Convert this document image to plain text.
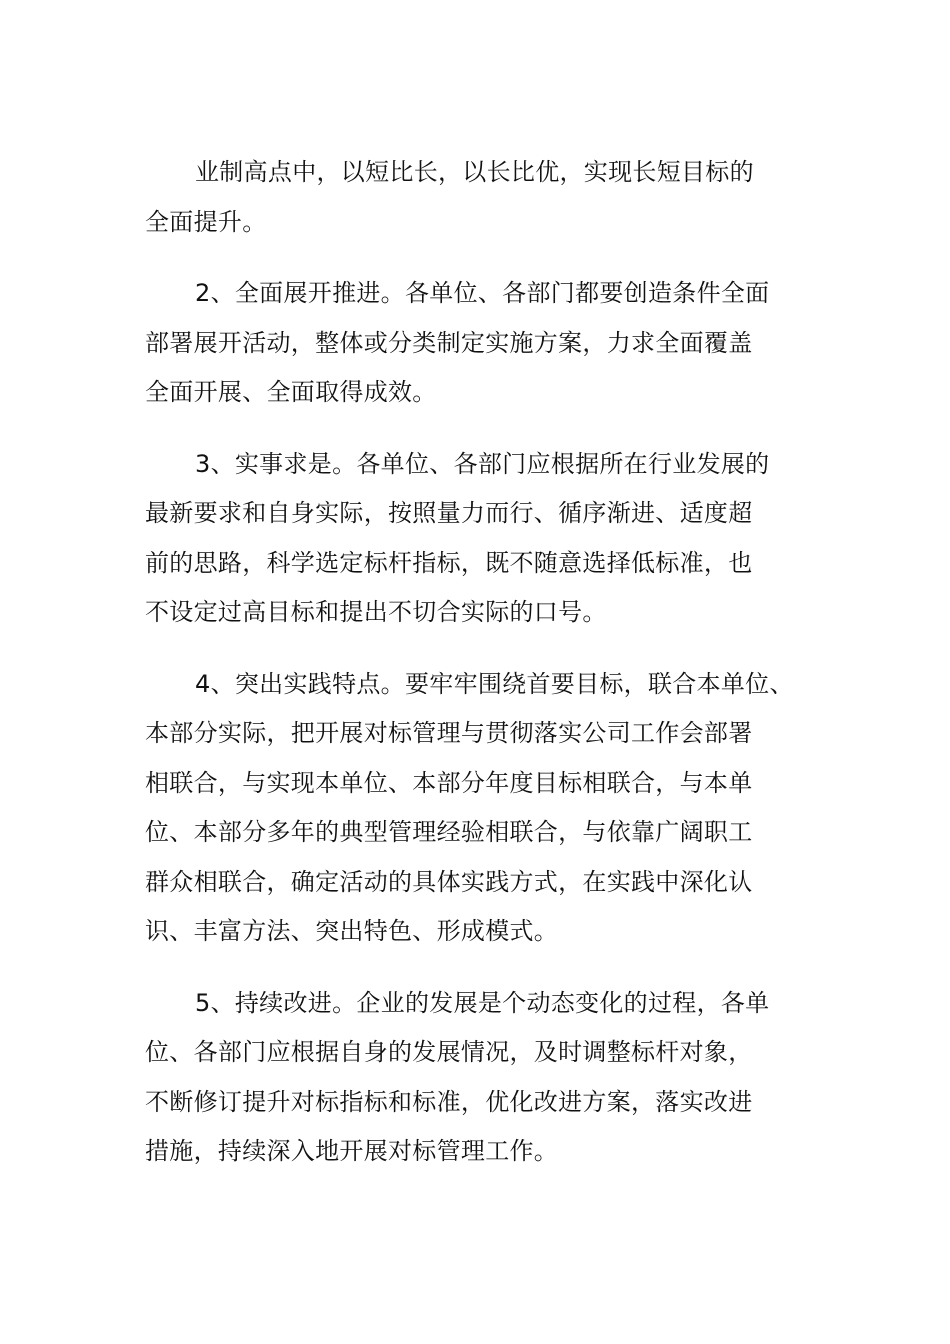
业制高点中，以短比长，以长比优，实现长短目标的
全面提升。
2、全面展开推进。各单位、各部门都要创造条件全面
部署展开活动，整体或分类制定实施方案，力求全面覆盖
全面开展、全面取得成效。
3、实事求是。各单位、各部门应根据所在行业发展的
最新要求和自身实际，按照量力而行、循序渐进、适度超
前的思路，科学选定标杆指标，既不随意选择低标准，也
不设定过高目标和提出不切合实际的口号。
4、突出实践特点。要牢牢围绕首要目标，联合本单位、
本部分实际，把开展对标管理与贯彻落实公司工作会部署
相联合，与实现本单位、本部分年度目标相联合，与本单
位、本部分多年的典型管理经验相联合，与依靠广阔职工
群众相联合，确定活动的具体实践方式，在实践中深化认
识、丰富方法、突出特色、形成模式。
5、持续改进。企业的发展是个动态变化的过程，各单
位、各部门应根据自身的发展情况，及时调整标杆对象，
不断修订提升对标指标和标准，优化改进方案，落实改进
措施，持续深入地开展对标管理工作。
